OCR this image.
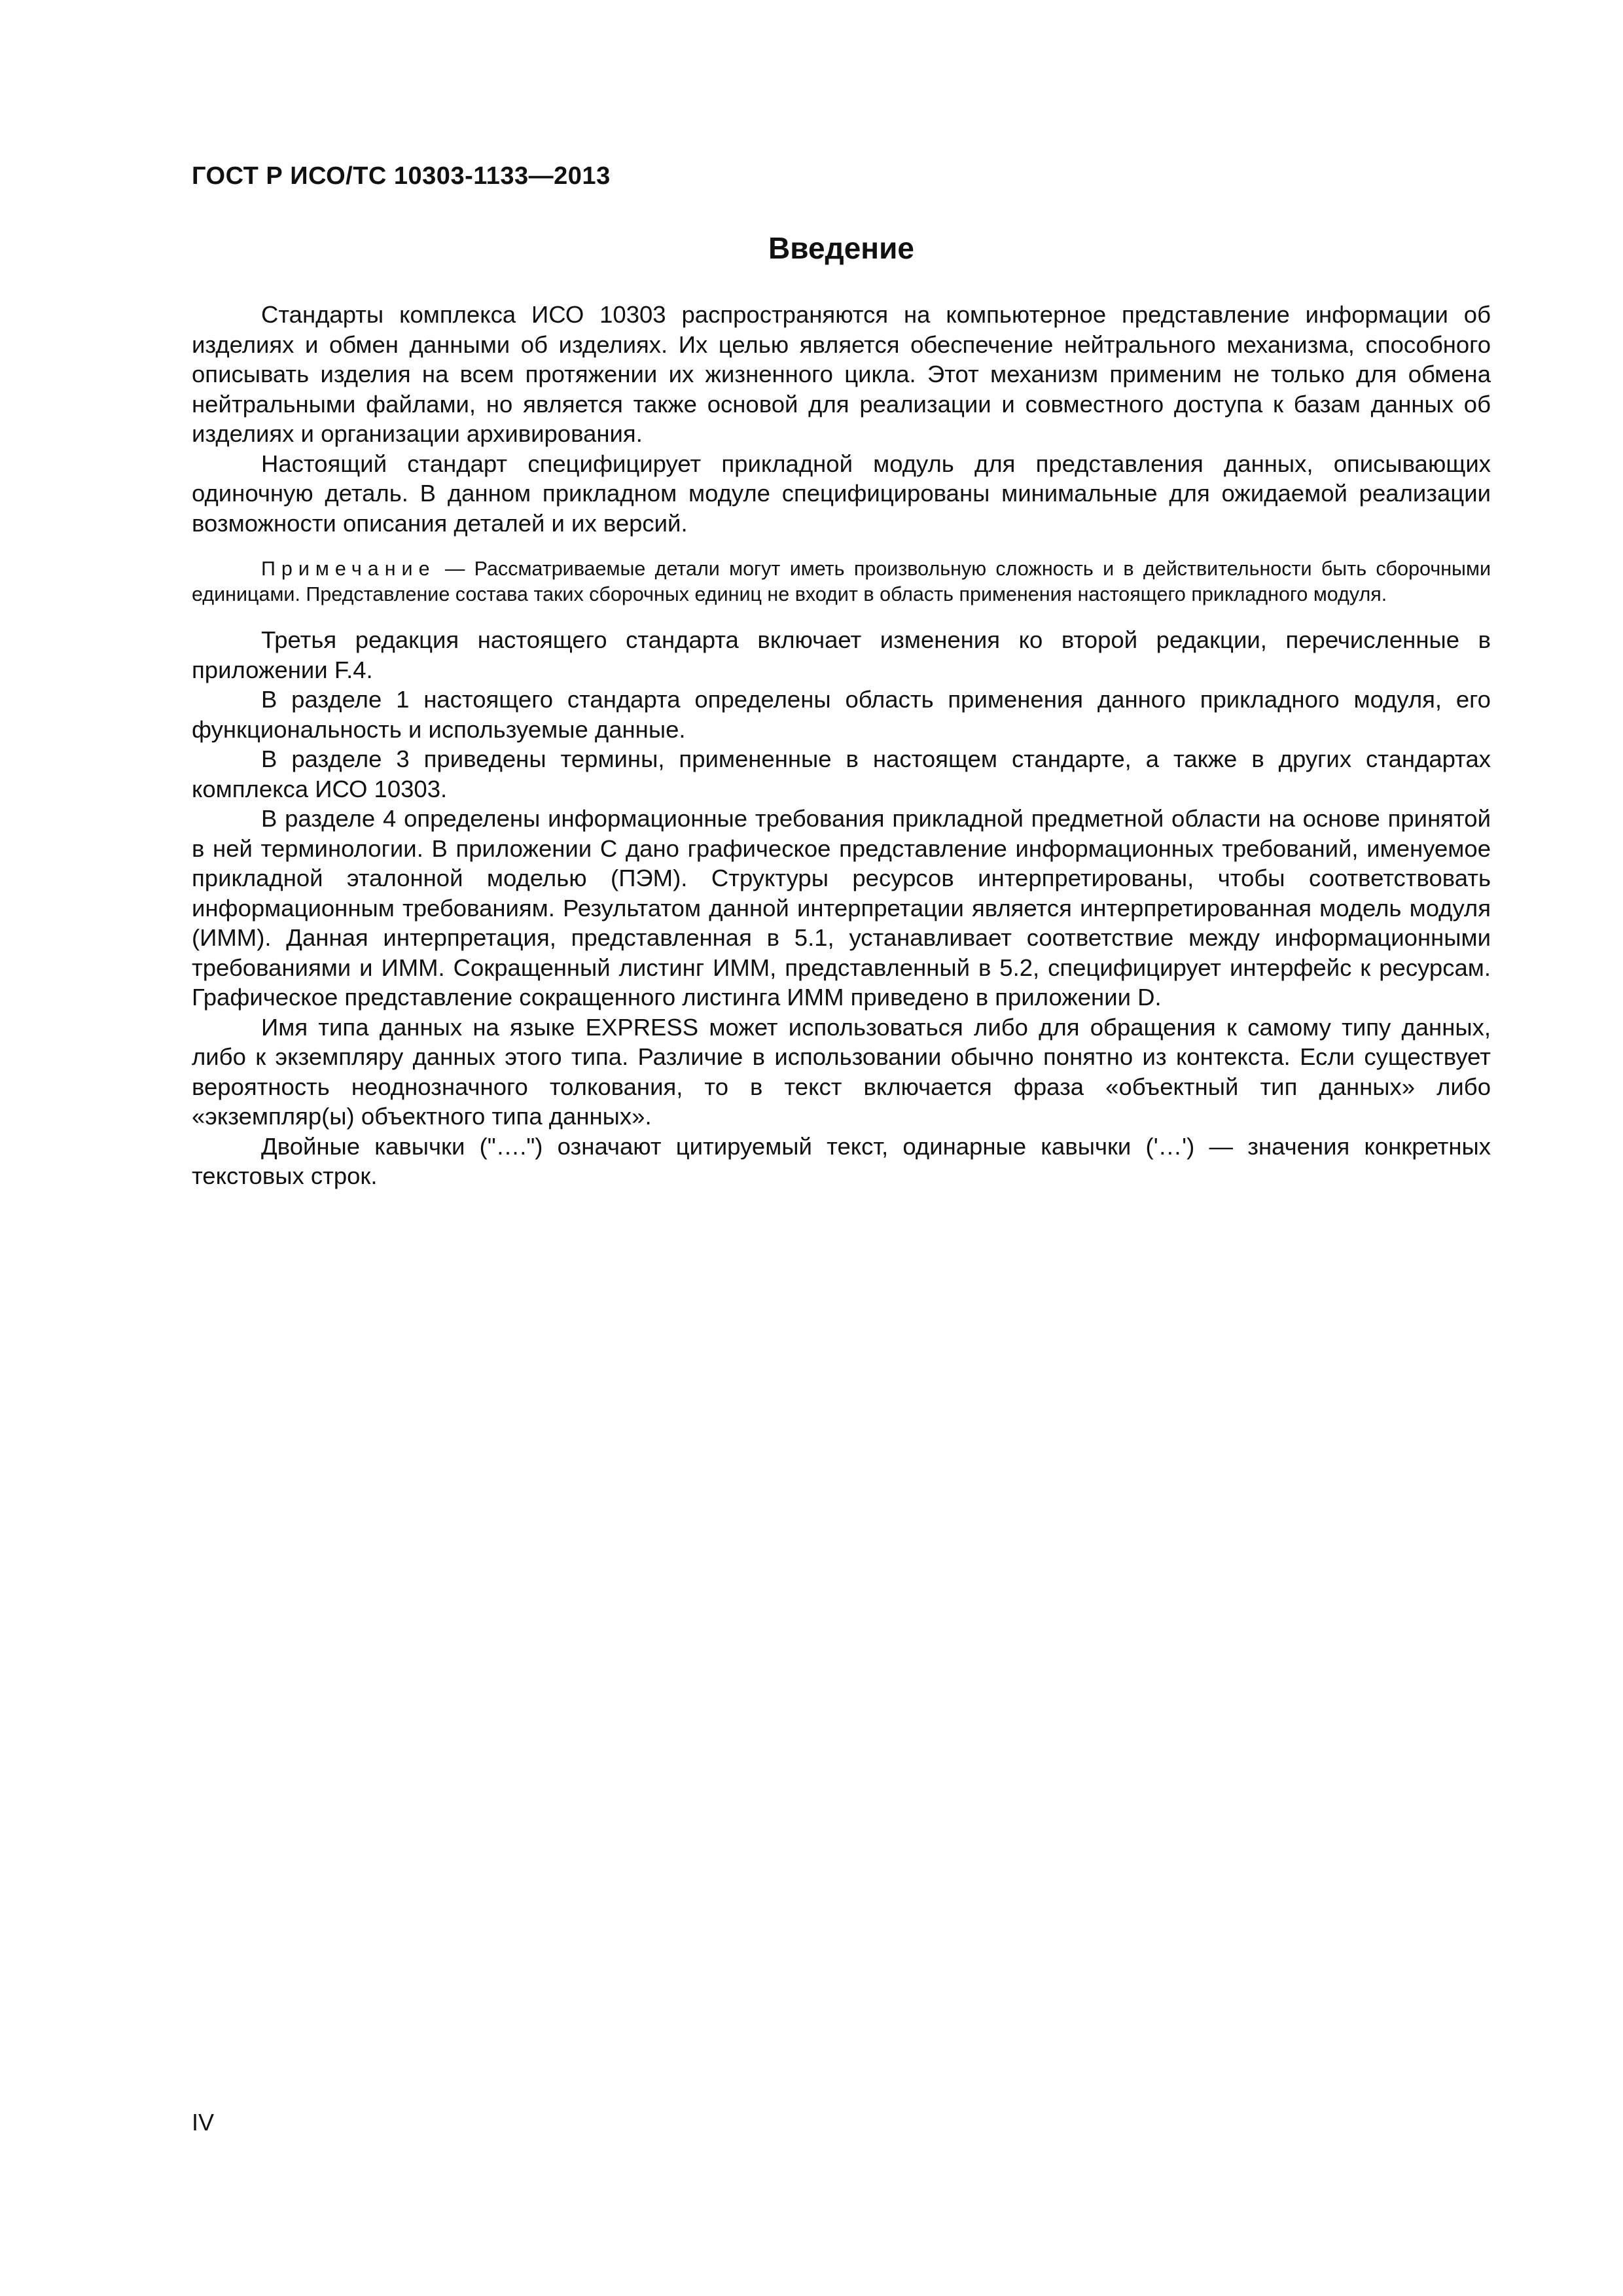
ГОСТ Р ИСО/ТС 10303-1133—2013
Введение

Стандарты комплекса ИСО 10303 распространяются на компьютерное представление информации об изделиях и обмен данными об изделиях. Их целью является обеспечение нейтрального механизма, способного описывать изделия на всем протяжении их жизненного цикла. Этот механизм применим не только для обмена нейтральными файлами, но является также основой для реализации и совместного доступа к базам данных об изделиях и организации архивирования.

Настоящий стандарт специфицирует прикладной модуль для представления данных, описывающих одиночную деталь. В данном прикладном модуле специфицированы минимальные для ожидаемой реализации возможности описания деталей и их версий.

Примечание — Рассматриваемые детали могут иметь произвольную сложность и в действительности быть сборочными единицами. Представление состава таких сборочных единиц не входит в область применения настоящего прикладного модуля.

Третья редакция настоящего стандарта включает изменения ко второй редакции, перечисленные в приложении F.4.

В разделе 1 настоящего стандарта определены область применения данного прикладного модуля, его функциональность и используемые данные.

В разделе 3 приведены термины, примененные в настоящем стандарте, а также в других стандартах комплекса ИСО 10303.

В разделе 4 определены информационные требования прикладной предметной области на основе принятой в ней терминологии. В приложении С дано графическое представление информационных требований, именуемое прикладной эталонной моделью (ПЭМ). Структуры ресурсов интерпретированы, чтобы соответствовать информационным требованиям. Результатом данной интерпретации является интерпретированная модель модуля (ИММ). Данная интерпретация, представленная в 5.1, устанавливает соответствие между информационными требованиями и ИММ. Сокращенный листинг ИММ, представленный в 5.2, специфицирует интерфейс к ресурсам. Графическое представление сокращенного листинга ИММ приведено в приложении D.

Имя типа данных на языке EXPRESS может использоваться либо для обращения к самому типу данных, либо к экземпляру данных этого типа. Различие в использовании обычно понятно из контекста. Если существует вероятность неоднозначного толкования, то в текст включается фраза «объектный тип данных» либо «экземпляр(ы) объектного типа данных».

Двойные кавычки ("….") означают цитируемый текст, одинарные кавычки ('…') — значения конкретных текстовых строк.

IV
